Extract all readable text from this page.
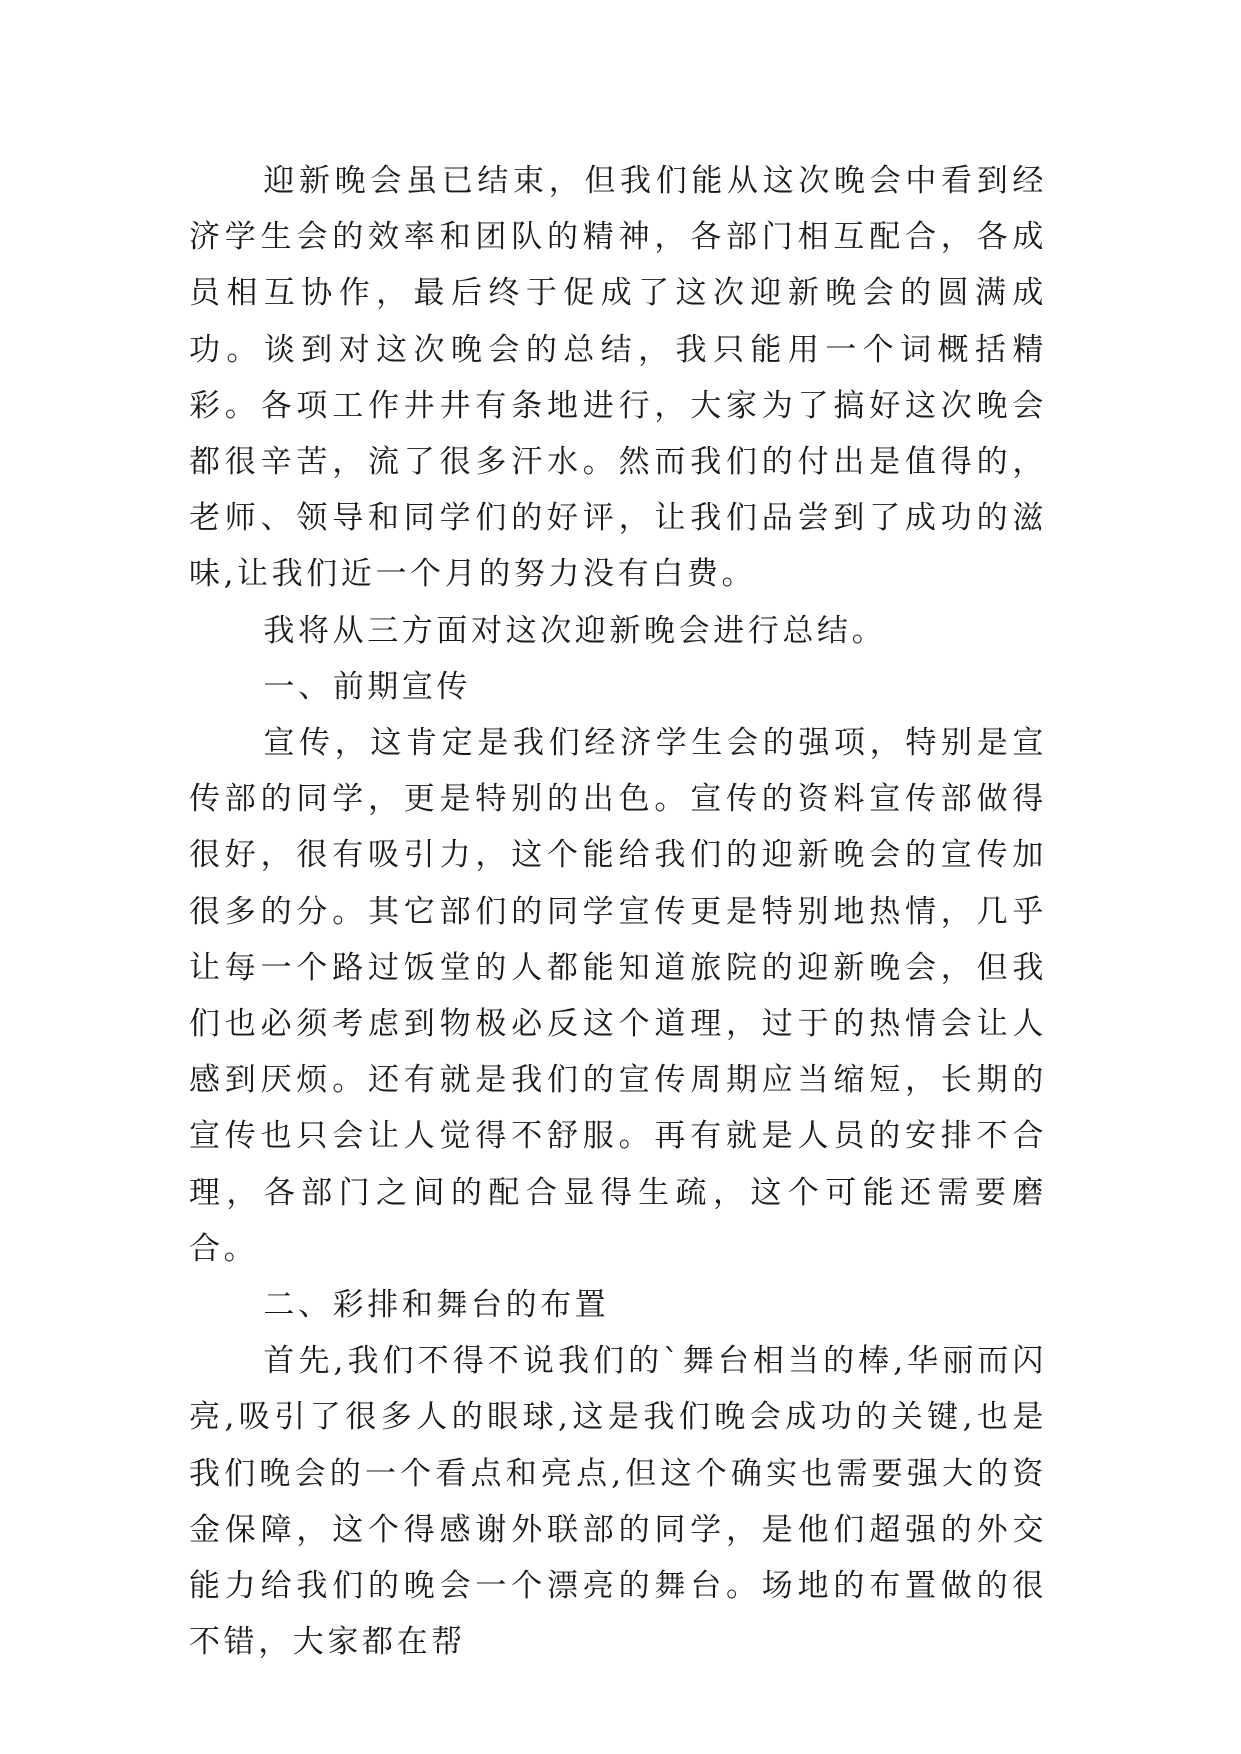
迎新晚会虽已结束，但我们能从这次晚会中看到经济学生会的效率和团队的精神，各部门相互配合，各成员相互协作，最后终于促成了这次迎新晚会的圆满成功。谈到对这次晚会的总结，我只能用一个词概括精彩。各项工作井井有条地进行，大家为了搞好这次晚会都很辛苦，流了很多汗水。然而我们的付出是值得的，老师、领导和同学们的好评，让我们品尝到了成功的滋味,让我们近一个月的努力没有白费。

我将从三方面对这次迎新晚会进行总结。

一、前期宣传

宣传，这肯定是我们经济学生会的强项，特别是宣传部的同学，更是特别的出色。宣传的资料宣传部做得很好，很有吸引力，这个能给我们的迎新晚会的宣传加很多的分。其它部们的同学宣传更是特别地热情，几乎让每一个路过饭堂的人都能知道旅院的迎新晚会，但我们也必须考虑到物极必反这个道理，过于的热情会让人感到厌烦。还有就是我们的宣传周期应当缩短，长期的宣传也只会让人觉得不舒服。再有就是人员的安排不合理，各部门之间的配合显得生疏，这个可能还需要磨合。

二、彩排和舞台的布置

首先,我们不得不说我们的`舞台相当的棒,华丽而闪亮,吸引了很多人的眼球,这是我们晚会成功的关键,也是我们晚会的一个看点和亮点,但这个确实也需要强大的资金保障，这个得感谢外联部的同学，是他们超强的外交能力给我们的晚会一个漂亮的舞台。场地的布置做的很不错，大家都在帮
